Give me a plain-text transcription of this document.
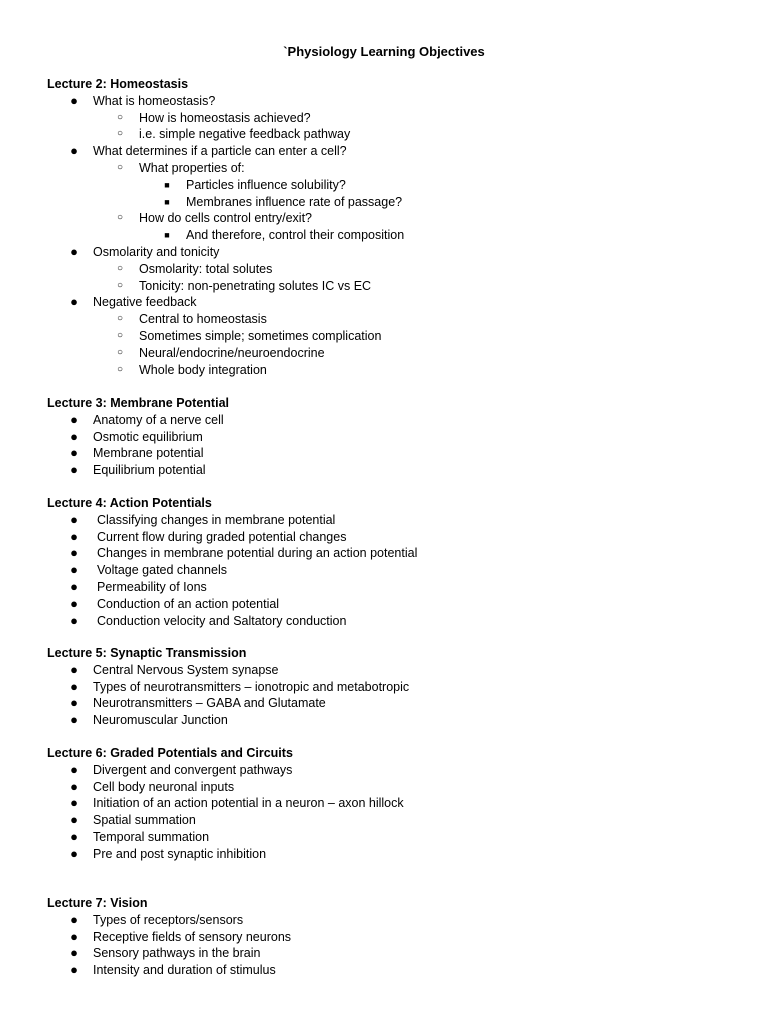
`Physiology Learning Objectives
Lecture 2: Homeostasis
● What is homeostasis?
○	How is homeostasis achieved?
○	i.e. simple negative feedback pathway
● What determines if a particle can enter a cell?
○	What properties of:
■	Particles influence solubility?
■	Membranes influence rate of passage?
○	How do cells control entry/exit?
■	And therefore, control their composition
● Osmolarity and tonicity
○	Osmolarity: total solutes
○	Tonicity: non-penetrating solutes IC vs EC
● Negative feedback
○	Central to homeostasis
○	Sometimes simple; sometimes complication
○	Neural/endocrine/neuroendocrine
○	Whole body integration
Lecture 3: Membrane Potential
● Anatomy of a nerve cell
● Osmotic equilibrium
● Membrane potential
● Equilibrium potential
Lecture 4: Action Potentials
● Classifying changes in membrane potential
● Current flow during graded potential changes
● Changes in membrane potential during an action potential
● Voltage gated channels
● Permeability of Ions
● Conduction of an action potential
● Conduction velocity and Saltatory conduction
Lecture 5: Synaptic Transmission
● Central Nervous System synapse
● Types of neurotransmitters – ionotropic and metabotropic
● Neurotransmitters – GABA and Glutamate
● Neuromuscular Junction
Lecture 6: Graded Potentials and Circuits
● Divergent and convergent pathways
● Cell body neuronal inputs
● Initiation of an action potential in a neuron – axon hillock
● Spatial summation
● Temporal summation
● Pre and post synaptic inhibition
Lecture 7: Vision
● Types of receptors/sensors
● Receptive fields of sensory neurons
● Sensory pathways in the brain
● Intensity and duration of stimulus
